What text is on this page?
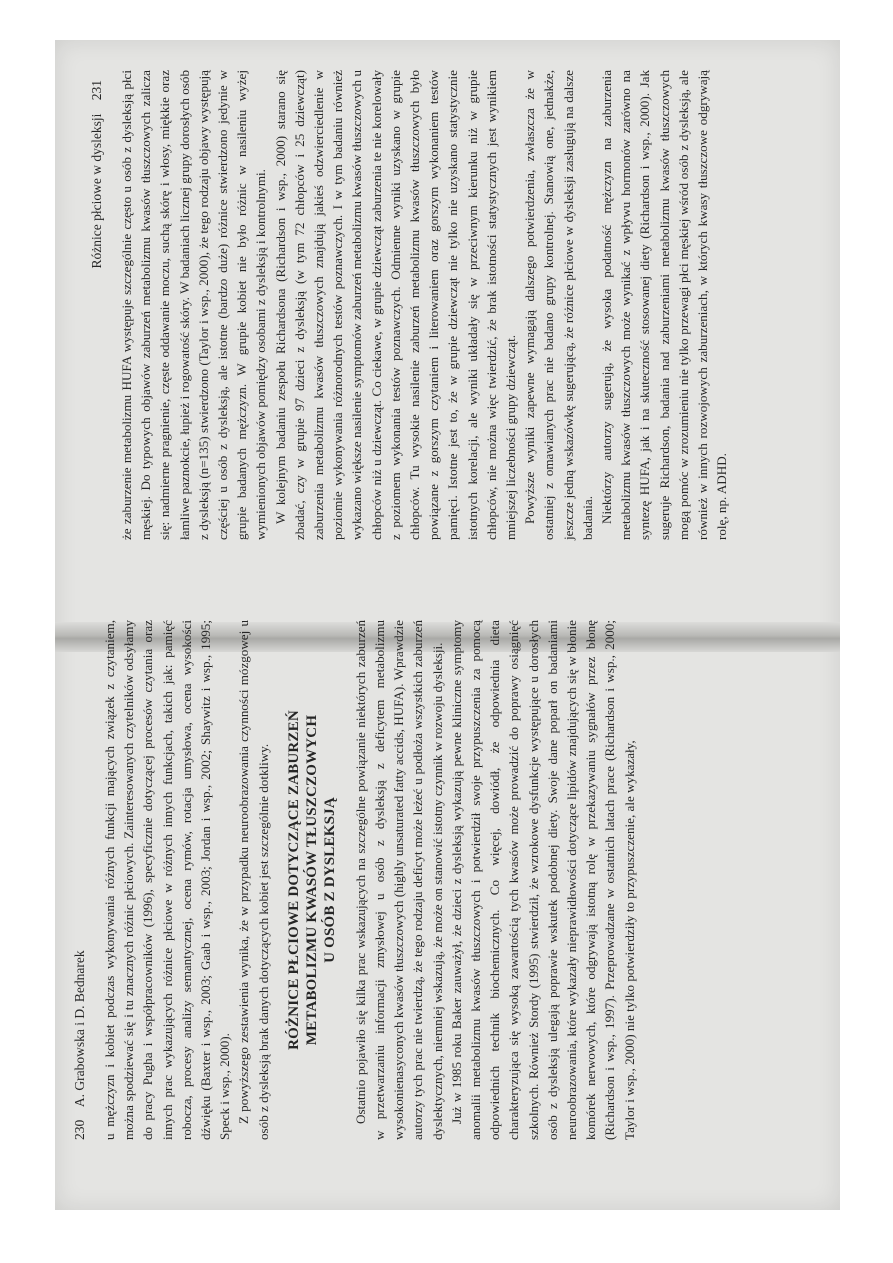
230 A. Grabowska i D. Bednarek u mężczyzn i kobiet podczas wykonywania różnych funkcji mających związek z czytaniem, można spodziewać się i tu znacznych różnic płciowych. Zainteresowanych czytelników odsyłamy do pracy Pugha i współpracowników (1996), specyficznie dotyczącej procesów czytania oraz innych prac wykazujących różnice płciowe w różnych innych funkcjach, takich jak: pamięć robocza, procesy analizy semantycznej, ocena rymów, rotacja umysłowa, ocena wysokości dźwięku (Baxter i wsp., 2003; Gaab i wsp., 2003; Jordan i wsp., 2002; Shaywitz i wsp., 1995; Speck i wsp., 2000). Z powyższego zestawienia wynika, że w przypadku neuroobrazowania czynności mózgowej u osób z dysleksją brak danych dotyczących kobiet jest szczególnie dotkliwy. RÓŻNICE PŁCIOWE DOTYCZĄCE ZABURZEŃ METABOLIZMU KWASÓW TŁUSZCZOWYCH U OSÓB Z DYSLEKSJĄ Ostatnio pojawiło się kilka prac wskazujących na szczególne powiązanie niektórych zaburzeń w przetwarzaniu informacji zmysłowej u osób z dysleksją z deficytem metabolizmu wysokonienasyconych kwasów tłuszczowych (highly unsaturated fatty accids, HUFA). Wprawdzie autorzy tych prac nie twierdzą, że tego rodzaju deficyt może leżeć u podłoża wszystkich zaburzeń dyslektycznych, niemniej wskazują, że może on stanowić istotny czynnik w rozwoju dysleksji. Już w 1985 roku Baker zauważył, że dzieci z dysleksją wykazują pewne kliniczne symptomy anomalii metabolizmu kwasów tłuszczowych i potwierdził swoje przypuszczenia za pomocą odpowiednich technik biochemicznych. Co więcej, dowiódł, że odpowiednia dieta charakteryzująca się wysoką zawartością tych kwasów może prowadzić do poprawy osiągnięć szkolnych. Również Stordy (1995) stwierdził, że wzrokowe dysfunkcje występujące u dorosłych osób z dysleksją ulegają poprawie wskutek podobnej diety. Swoje dane poparł on badaniami neuroobrazowania, które wykazały nieprawidłowości dotyczące lipidów znajdujących się w błonie komórek nerwowych, które odgrywają istotną rolę w przekazywaniu sygnałów przez błonę (Richardson i wsp., 1997). Przeprowadzane w ostatnich latach prace (Richardson i wsp., 2000; Taylor i wsp., 2000) nie tylko potwierdziły to przypuszczenie, ale wykazały,

Różnice płciowe w dysleksji 231 że zaburzenie metabolizmu HUFA występuje szczególnie często u osób z dysleksją płci męskiej. Do typowych objawów zaburzeń metabolizmu kwasów tłuszczowych zalicza się: nadmierne pragnienie, częste oddawanie moczu, suchą skórę i włosy, miękkie oraz łamliwe paznokcie, łupież i rogowatość skóry. W badaniach licznej grupy dorosłych osób z dysleksją (n=135) stwierdzono (Taylor i wsp., 2000), że tego rodzaju objawy występują częściej u osób z dysleksją, ale istotne (bardzo duże) różnice stwierdzono jedynie w grupie badanych mężczyzn. W grupie kobiet nie było różnic w nasileniu wyżej wymienionych objawów pomiędzy osobami z dysleksją i kontrolnymi. W kolejnym badaniu zespołu Richardsona (Richardson i wsp., 2000) starano się zbadać, czy w grupie 97 dzieci z dysleksją (w tym 72 chłopców i 25 dziewcząt) zaburzenia metabolizmu kwasów tłuszczowych znajdują jakieś odzwierciedlenie w poziomie wykonywania różnorodnych testów poznawczych. I w tym badaniu również wykazano większe nasilenie symptomów zaburzeń metabolizmu kwasów tłuszczowych u chłopców niż u dziewcząt. Co ciekawe, w grupie dziewcząt zaburzenia te nie korelowały z poziomem wykonania testów poznawczych. Odmienne wyniki uzyskano w grupie chłopców. Tu wysokie nasilenie zaburzeń metabolizmu kwasów tłuszczowych było powiązane z gorszym czytaniem i literowaniem oraz gorszym wykonaniem testów pamięci. Istotne jest to, że w grupie dziewcząt nie tylko nie uzyskano statystycznie istotnych korelacji, ale wyniki układały się w przeciwnym kierunku niż w grupie chłopców, nie można więc twierdzić, że brak istotności statystycznych jest wynikiem mniejszej liczebności grupy dziewcząt. Powyższe wyniki zapewne wymagają dalszego potwierdzenia, zwłaszcza że w ostatniej z omawianych prac nie badano grupy kontrolnej. Stanowią one, jednakże, jeszcze jedną wskazówkę sugerującą, że różnice płciowe w dysleksji zasługują na dalsze badania. Niektórzy autorzy sugerują, że wysoka podatność mężczyzn na zaburzenia metabolizmu kwasów tłuszczowych może wynikać z wpływu hormonów zarówno na syntezę HUFA, jak i na skuteczność stosowanej diety (Richardson i wsp., 2000). Jak sugeruje Richardson, badania nad zaburzeniami metabolizmu kwasów tłuszczowych mogą pomóc w zrozumieniu nie tylko przewagi płci męskiej wśród osób z dysleksją, ale również w innych rozwojowych zaburzeniach, w których kwasy tłuszczowe odgrywają rolę, np. ADHD.
